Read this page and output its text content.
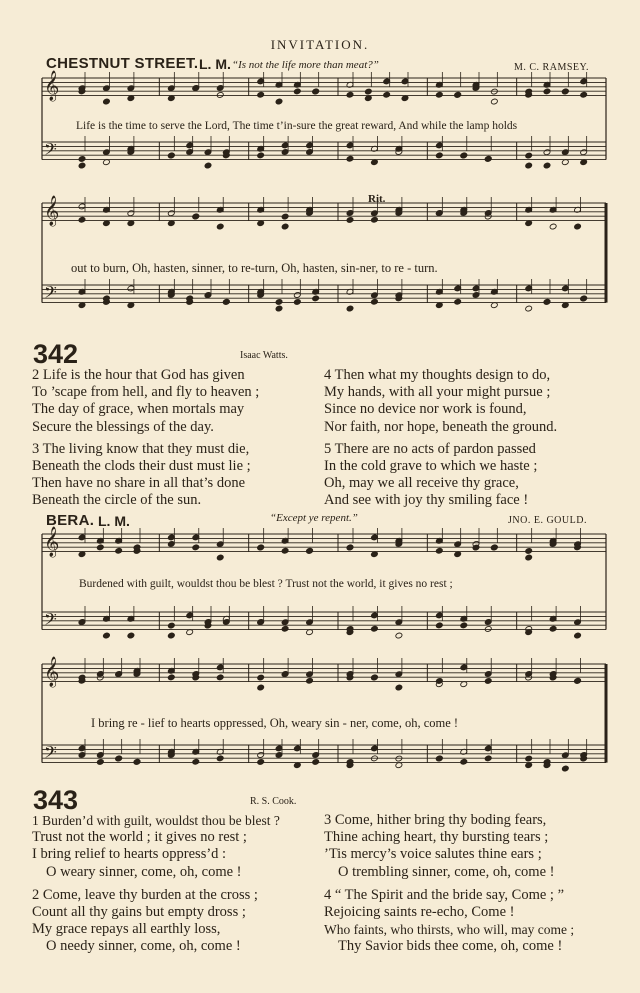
INVITATION.
CHESTNUT STREET. L. M. “Is not the life more than meat?”	M. C. RAMSEY.
𝄞
𝄢
Life is the time to serve the Lord, The time t’in-sure the great reward, And while the lamp holds
Rit.
𝄞
𝄢
out to burn, Oh, hasten, sinner, to re-turn, Oh, hasten, sin-ner, to re - turn.
342	Isaac Watts.
2 Life is the hour that God has given
To ’scape from hell, and fly to heaven ;
The day of grace, when mortals may
Secure the blessings of the day.
3 The living know that they must die,
Beneath the clods their dust must lie ;
Then have no share in all that’s done
Beneath the circle of the sun.
4 Then what my thoughts design to do,
My hands, with all your might pursue ;
Since no device nor work is found,
Nor faith, nor hope, beneath the ground.
5 There are no acts of pardon passed
In the cold grave to which we haste ;
Oh, may we all receive thy grace,
And see with joy thy smiling face !
BERA. L. M.	“Except ye repent.”	JNO. E. GOULD.
𝄞
𝄢
Burdened with guilt, wouldst thou be blest ? Trust not the world, it gives no rest ;
𝄞
𝄢
I bring re - lief to hearts oppressed, Oh, weary sin - ner, come, oh, come !
343	R. S. Cook.
1 Burden’d with guilt, wouldst thou be blest ?
Trust not the world ; it gives no rest ;
I bring relief to hearts oppress’d :
O weary sinner, come, oh, come !
2 Come, leave thy burden at the cross ;
Count all thy gains but empty dross ;
My grace repays all earthly loss,
O needy sinner, come, oh, come !
3 Come, hither bring thy boding fears,
Thine aching heart, thy bursting tears ;
’Tis mercy’s voice salutes thine ears ;
O trembling sinner, come, oh, come !
4 “ The Spirit and the bride say, Come ; ”
Rejoicing saints re-echo, Come !
Who faints, who thirsts, who will, may come ;
Thy Savior bids thee come, oh, come !
